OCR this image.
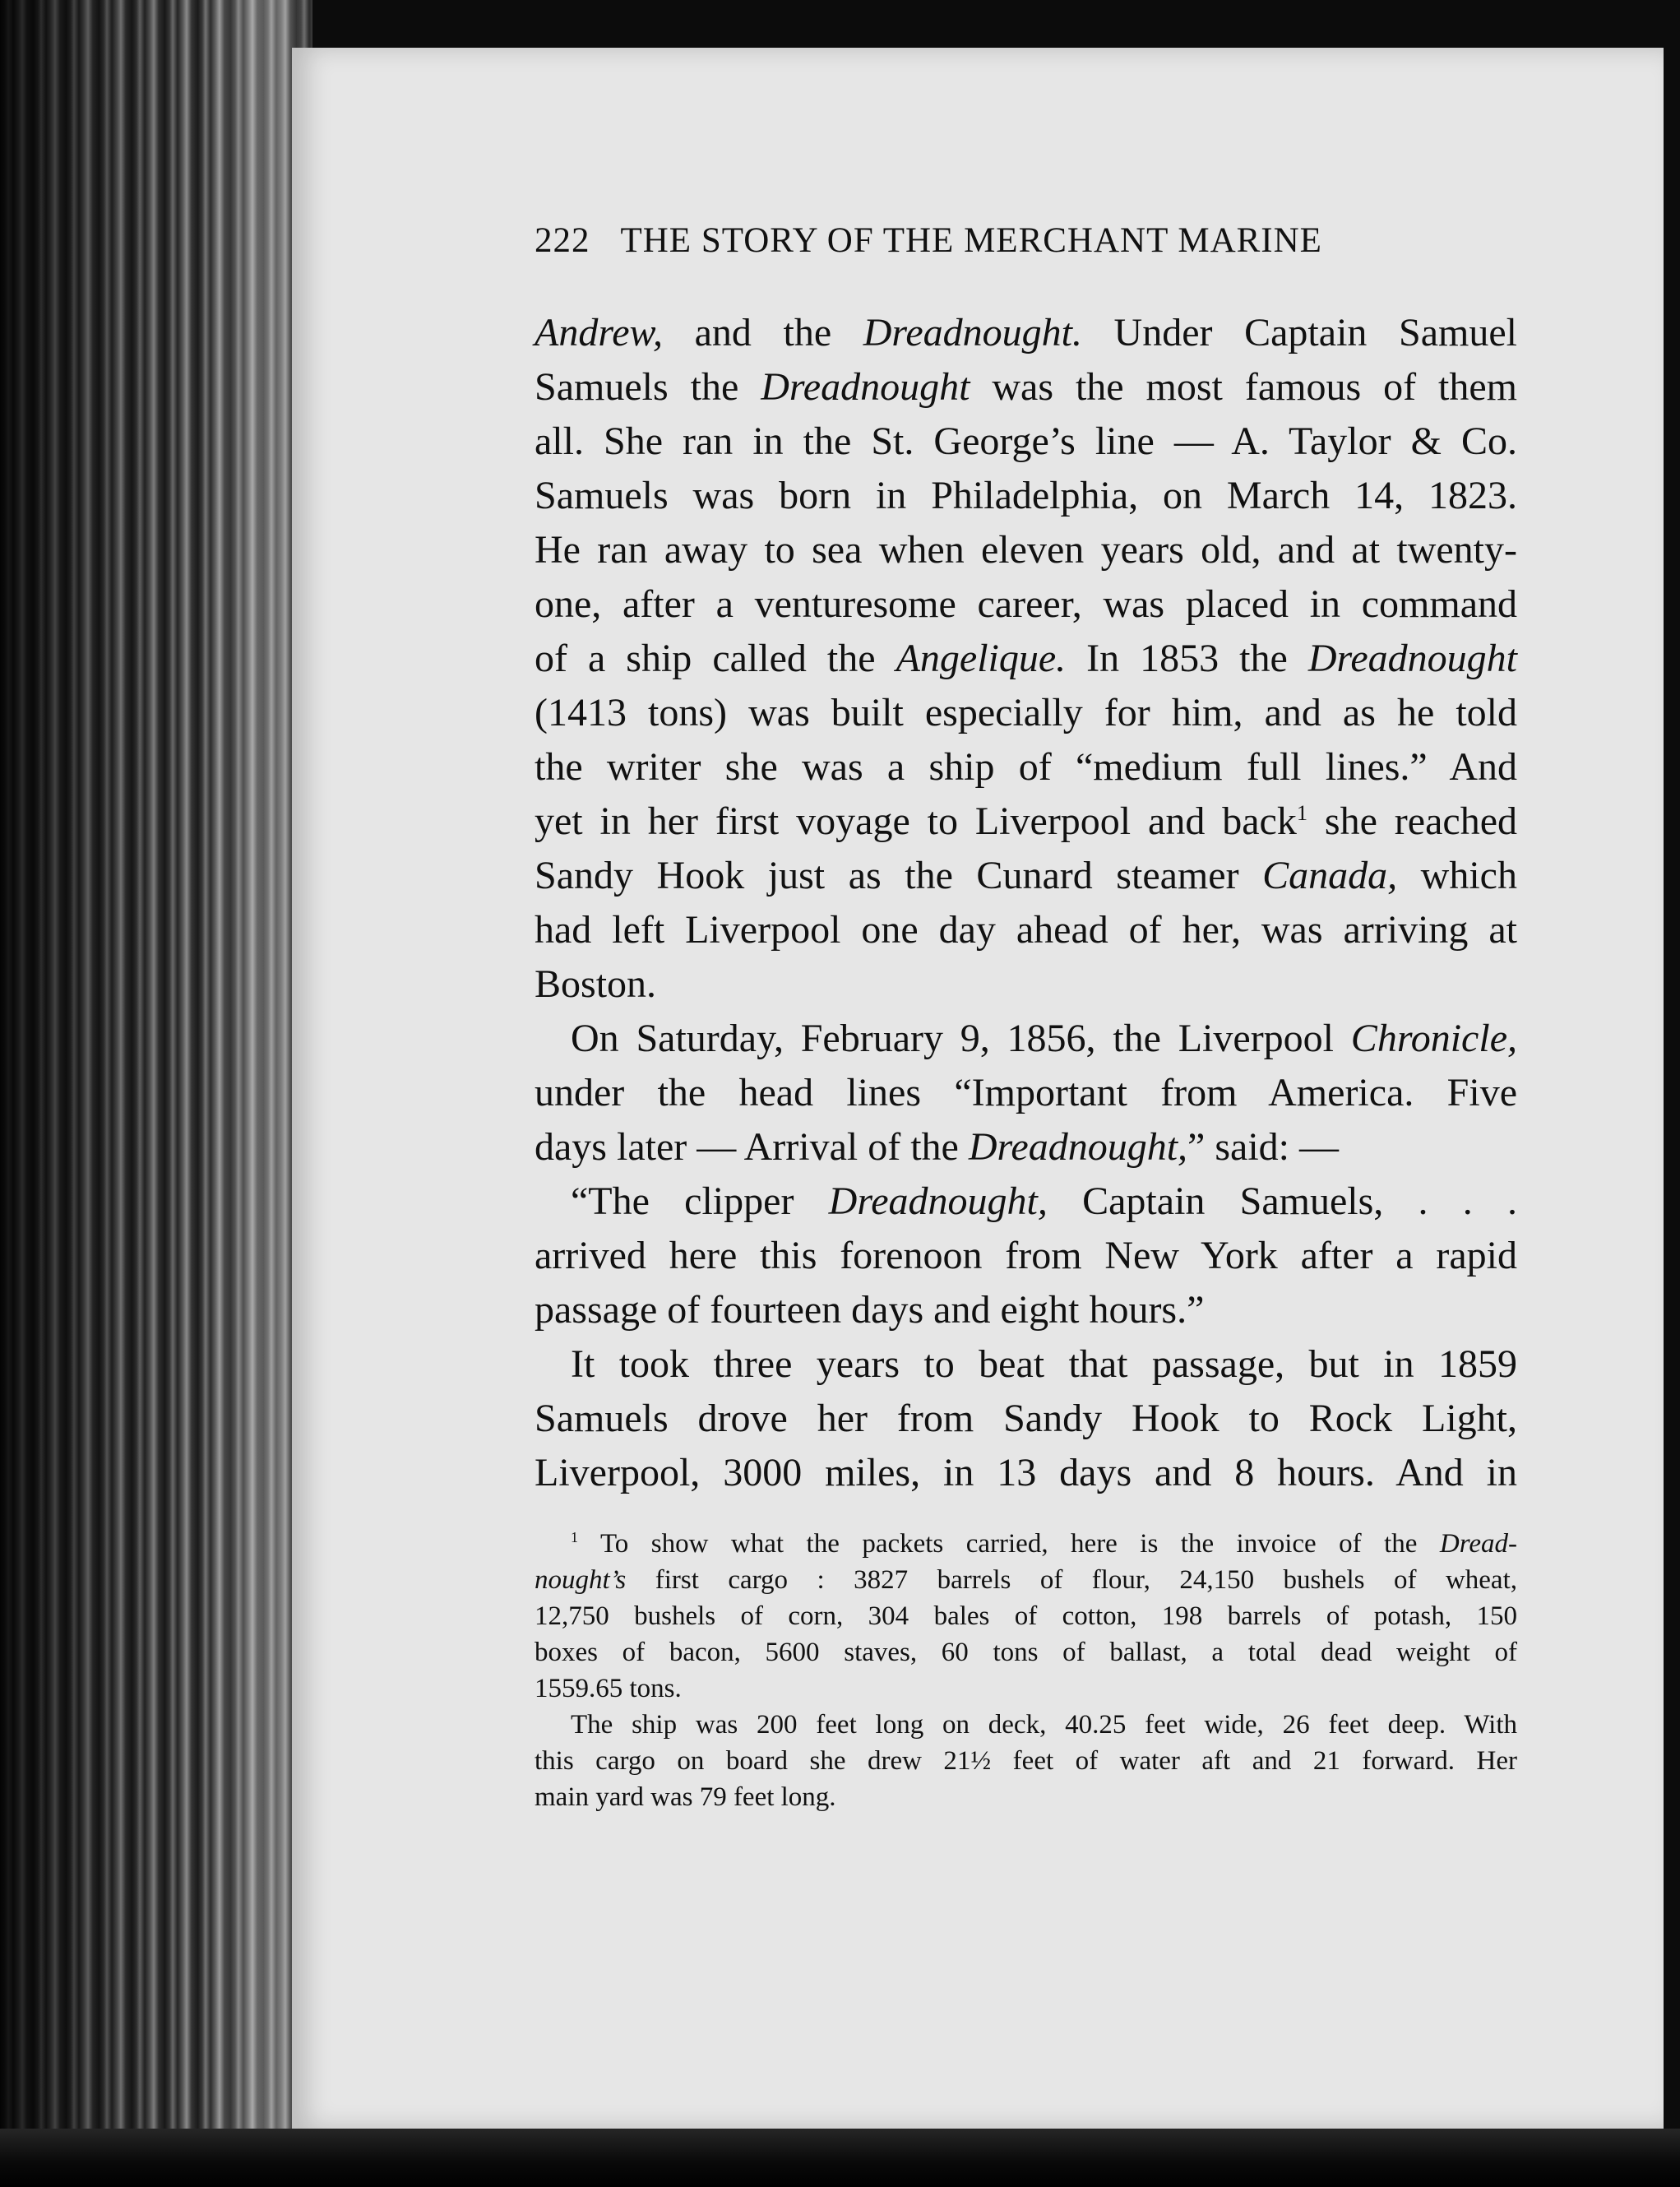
222 THE STORY OF THE MERCHANT MARINE
Andrew, and the Dreadnought. Under Captain Samuel
Samuels the Dreadnought was the most famous of them
all. She ran in the St. George’s line — A. Taylor & Co.
Samuels was born in Philadelphia, on March 14, 1823.
He ran away to sea when eleven years old, and at twenty-
one, after a venturesome career, was placed in command
of a ship called the Angelique. In 1853 the Dreadnought
(1413 tons) was built especially for him, and as he told
the writer she was a ship of “medium full lines.” And
yet in her first voyage to Liverpool and back$^1$ she reached
Sandy Hook just as the Cunard steamer Canada, which
had left Liverpool one day ahead of her, was arriving at
Boston.
On Saturday, February 9, 1856, the Liverpool Chronicle,
under the head lines “Important from America. Five
days later — Arrival of the Dreadnought,” said: —
“The clipper Dreadnought, Captain Samuels, . . .
arrived here this forenoon from New York after a rapid
passage of fourteen days and eight hours.”
It took three years to beat that passage, but in 1859
Samuels drove her from Sandy Hook to Rock Light,
Liverpool, 3000 miles, in 13 days and 8 hours. And in
$^1$ To show what the packets carried, here is the invoice of the Dread-
nought’s first cargo : 3827 barrels of flour, 24,150 bushels of wheat,
12,750 bushels of corn, 304 bales of cotton, 198 barrels of potash, 150
boxes of bacon, 5600 staves, 60 tons of ballast, a total dead weight of
1559.65 tons.
The ship was 200 feet long on deck, 40.25 feet wide, 26 feet deep. With
this cargo on board she drew 21½ feet of water aft and 21 forward. Her
main yard was 79 feet long.
